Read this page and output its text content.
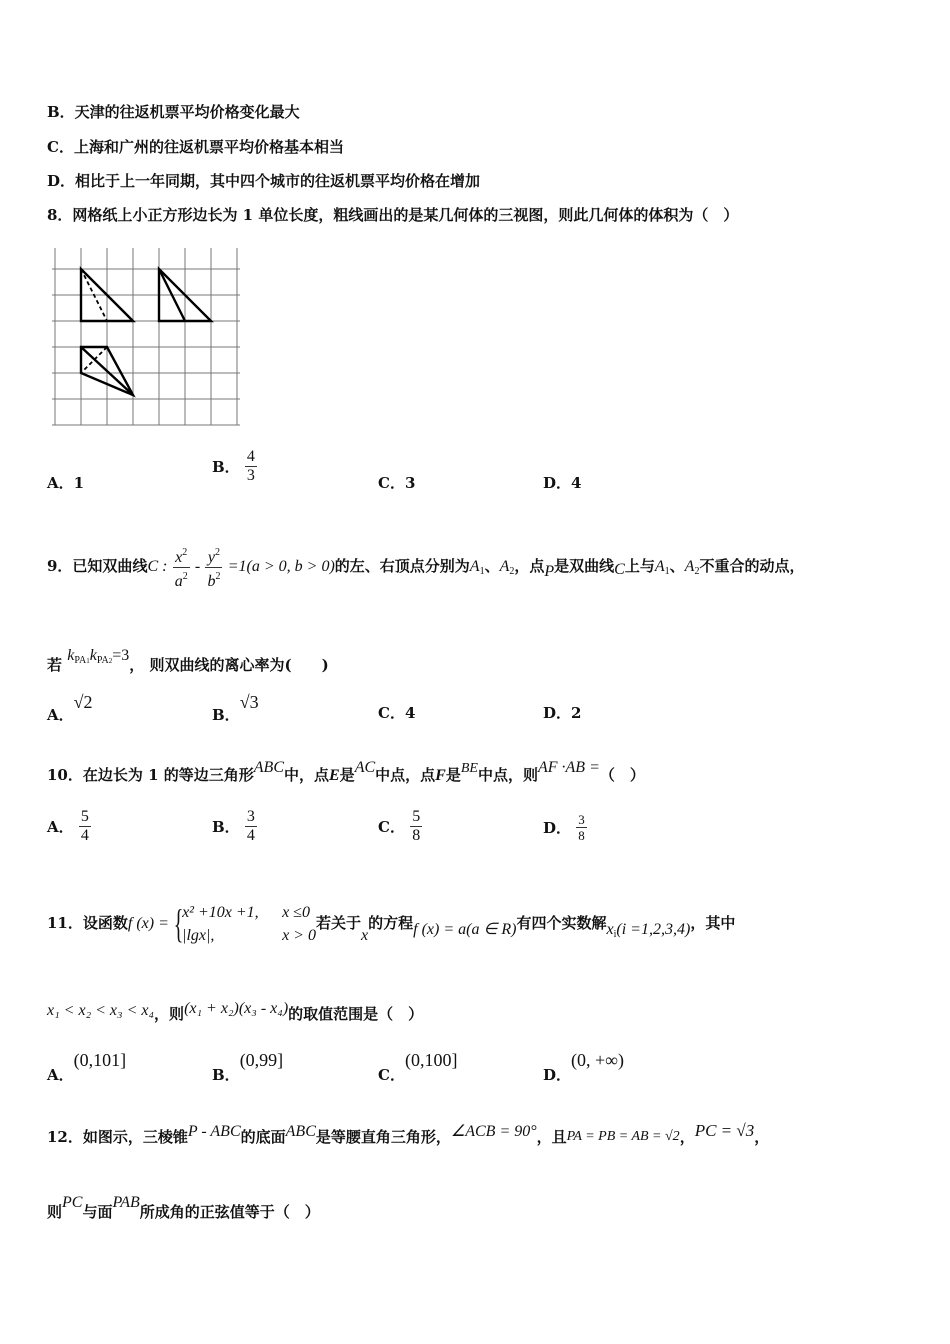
B．天津的往返机票平均价格变化最大
C．上海和广州的往返机票平均价格基本相当
D．相比于上一年同期，其中四个城市的往返机票平均价格在增加
8．网格纸上小正方形边长为 1 单位长度，粗线画出的是某几何体的三视图，则此几何体的体积为（　）
A．1
B． $\frac{4}{3}$	C．3	D．4
9．已知双曲线C : $\frac{x^2}{a^2} - \frac{y^2}{b^2} =1(a > 0$, b > 0)的左、右顶点分别为$A_1$、$A_2$，点P是双曲线C上与$A_1$、$A_2$不重合的动点，
若 $k_{PA1}k_{PA2}=3$， 则双曲线的离心率为(　　)
A．√2
B．√3
C．4	D．2
10．在边长为 1 的等边三角形ABC中，点E是AC中点，点F是BE中点，则AF ·AB =（　）
A． $\frac{5}{4}$	B． $\frac{3}{4}$	C． $\frac{5}{8}$	D． $\frac{3}{8}$
11．设函数f (x) = {
x² +10x +1, x ≤0
|lgx|,	x > 0
若关于x的方程f (x) = a(a ∈ R)有四个实数解$x_i(i =1,2,3,4)$，其中
x₁ < x₂ < x₃ < x₄，则(x₁ + x₂)(x₃ - x₄)的取值范围是（　）
A．(0,101]
B．(0,99]
C．(0,100]
D．(0, +∞)
12．如图示，三棱锥P - ABC的底面ABC是等腰直角三角形，∠ACB = 90°，且PA = PB = AB = √2，PC = √3，
则PC与面PAB所成角的正弦值等于（　）
